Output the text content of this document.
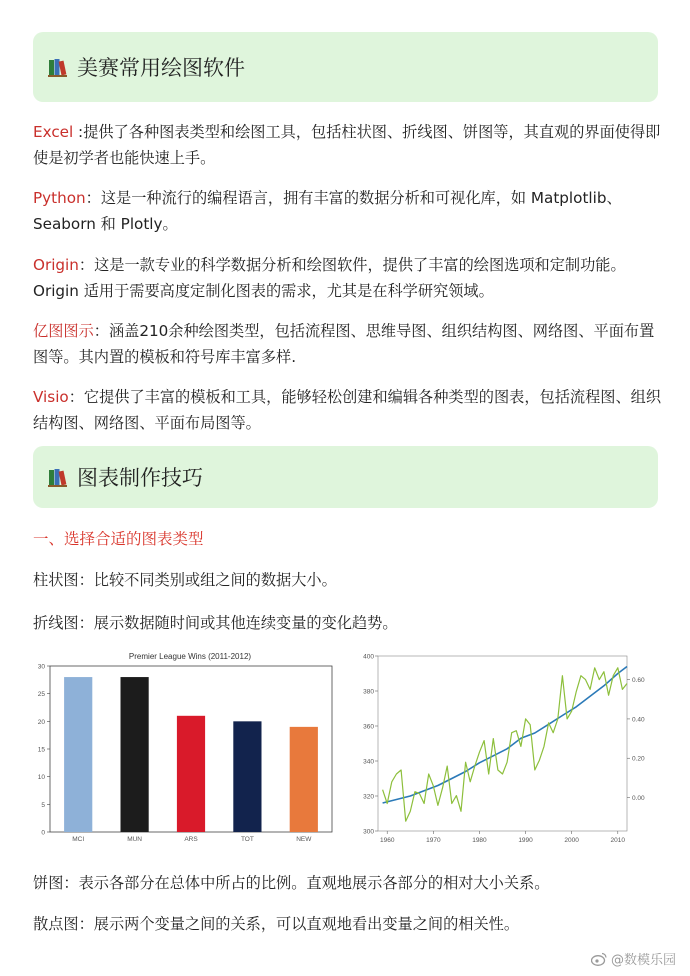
美赛常用绘图软件

Excel :提供了各种图表类型和绘图工具，包括柱状图、折线图、饼图等，其直观的界面使得即使是初学者也能快速上手。

Python：这是一种流行的编程语言，拥有丰富的数据分析和可视化库，如 Matplotlib、Seaborn 和 Plotly。

Origin：这是一款专业的科学数据分析和绘图软件，提供了丰富的绘图选项和定制功能。Origin 适用于需要高度定制化图表的需求，尤其是在科学研究领域。

亿图图示：涵盖210余种绘图类型，包括流程图、思维导图、组织结构图、网络图、平面布置图等。其内置的模板和符号库丰富多样.

Visio：它提供了丰富的模板和工具，能够轻松创建和编辑各种类型的图表，包括流程图、组织结构图、网络图、平面布局图等。

图表制作技巧

一、选择合适的图表类型

柱状图：比较不同类别或组之间的数据大小。

折线图：展示数据随时间或其他连续变量的变化趋势。

Premier League Wins (2011-2012)
0
5
10
15
20
25
30
MCI	MUN	ARS	TOT	NEW	1960	1970	1980	1990	2000	2010
300
320
340
360
380
400
0.00
0.20
0.40
0.60

饼图：表示各部分在总体中所占的比例。直观地展示各部分的相对大小关系。

散点图：展示两个变量之间的关系，可以直观地看出变量之间的相关性。

@数模乐园
